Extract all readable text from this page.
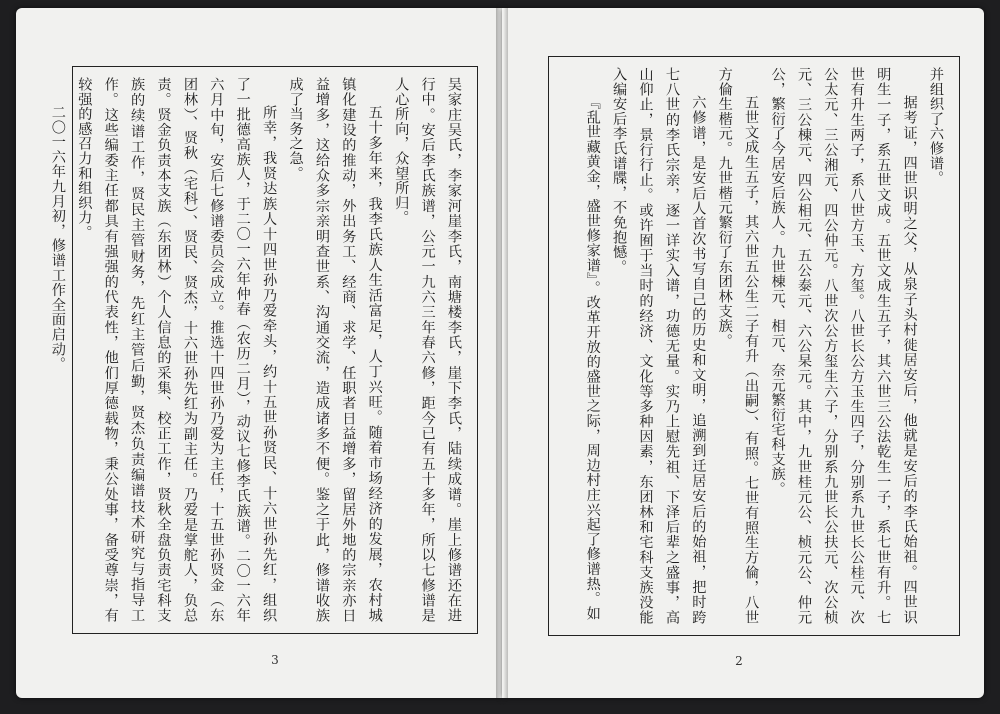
吴家庄吴氏，李家河崖李氏，南塘楼李氏，崖下李氏，陆续成谱。崖上修谱还在进行中。安后李氏族谱，公元一九六三年春六修，距今已有五十多年，所以七修谱是人心所向，众望所归。

五十多年来，我李氏族人生活富足，人丁兴旺。随着市场经济的发展，农村城镇化建设的推动，外出务工、经商、求学、任职者日益增多，留居外地的宗亲亦日益增多，这给众多宗亲明查世系、沟通交流，造成诸多不便。鉴之于此，修谱收族成了当务之急。

所幸，我贤达族人十四世孙乃爱牵头，约十五世孙贤民、十六世孙先红，组织了一批德高族人，于二〇一六年仲春（农历二月），动议七修李氏族谱。二〇一六年六月中旬，安后七修谱委员会成立。推选十四世孙乃爱为主任，十五世孙贤金（东团林）、贤秋（宅科）、贤民、贤杰，十六世孙先红为副主任。乃爱是掌舵人，负总责。贤金负责本支族（东团林）个人信息的采集、校正工作，贤秋全盘负责宅科支族的续谱工作，贤民主管财务，先红主管后勤，贤杰负责编谱技术研究与指导工作。这些编委主任都具有强强的代表性，他们厚德载物，秉公处事，备受尊崇，有较强的感召力和组织力。

二〇一六年九月初，修谱工作全面启动。

3

并组织了六修谱。

据考证，四世识明之父，从泉子头村徙居安后，他就是安后的李氏始祖。四世识明生一子，系五世文成。五世文成生五子，其六世三公法乾生一子，系七世有升。七世有升生两子，系八世方玉、方玺。八世长公方玉生四子，分别系九世长公桂元、次公太元、三公湘元、四公仲元。八世次公方玺生六子，分别系九世长公扶元、次公桢元、三公棟元、四公相元、五公泰元、六公杲元。其中，九世桂元公、桢元公、仲元公，繁衍了今居安后族人。九世棟元、相元、奈元繁衍宅科支族。

五世文成生五子，其六世五公生二子有升（出嗣）、有照。七世有照生方倫，八世方倫生楷元。九世楷元繁衍了东团林支族。

六修谱，是安后人首次书写自己的历史和文明，追溯到迁居安后的始祖，把时跨七八世的李氏宗亲，逐一详实入谱，功德无量。实乃上慰先祖、下泽后辈之盛事，高山仰止，景行行止。或许囿于当时的经济、文化等多种因素，东团林和宅科支族没能入编安后李氏谱牒，不免抱憾。

『乱世藏黄金，盛世修家谱』。改革开放的盛世之际，周边村庄兴起了修谱热。如

2
